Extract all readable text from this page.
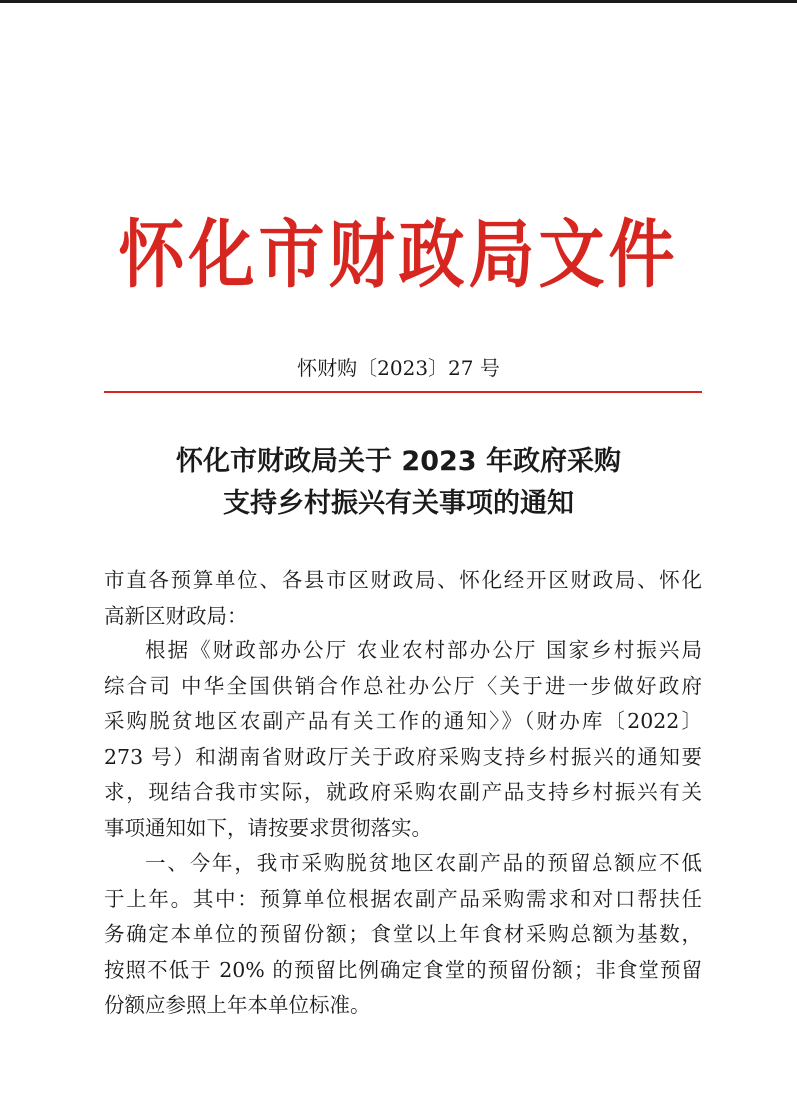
怀化市财政局文件
怀财购〔2023〕27 号
怀化市财政局关于 2023 年政府采购
支持乡村振兴有关事项的通知
市直各预算单位、各县市区财政局、怀化经开区财政局、怀化
高新区财政局：
根据《财政部办公厅 农业农村部办公厅 国家乡村振兴局
综合司 中华全国供销合作总社办公厅〈关于进一步做好政府
采购脱贫地区农副产品有关工作的通知〉》（财办库〔2022〕
273 号）和湖南省财政厅关于政府采购支持乡村振兴的通知要
求，现结合我市实际，就政府采购农副产品支持乡村振兴有关
事项通知如下，请按要求贯彻落实。
一、今年，我市采购脱贫地区农副产品的预留总额应不低
于上年。其中：预算单位根据农副产品采购需求和对口帮扶任
务确定本单位的预留份额；食堂以上年食材采购总额为基数，
按照不低于 20% 的预留比例确定食堂的预留份额；非食堂预留
份额应参照上年本单位标准。
